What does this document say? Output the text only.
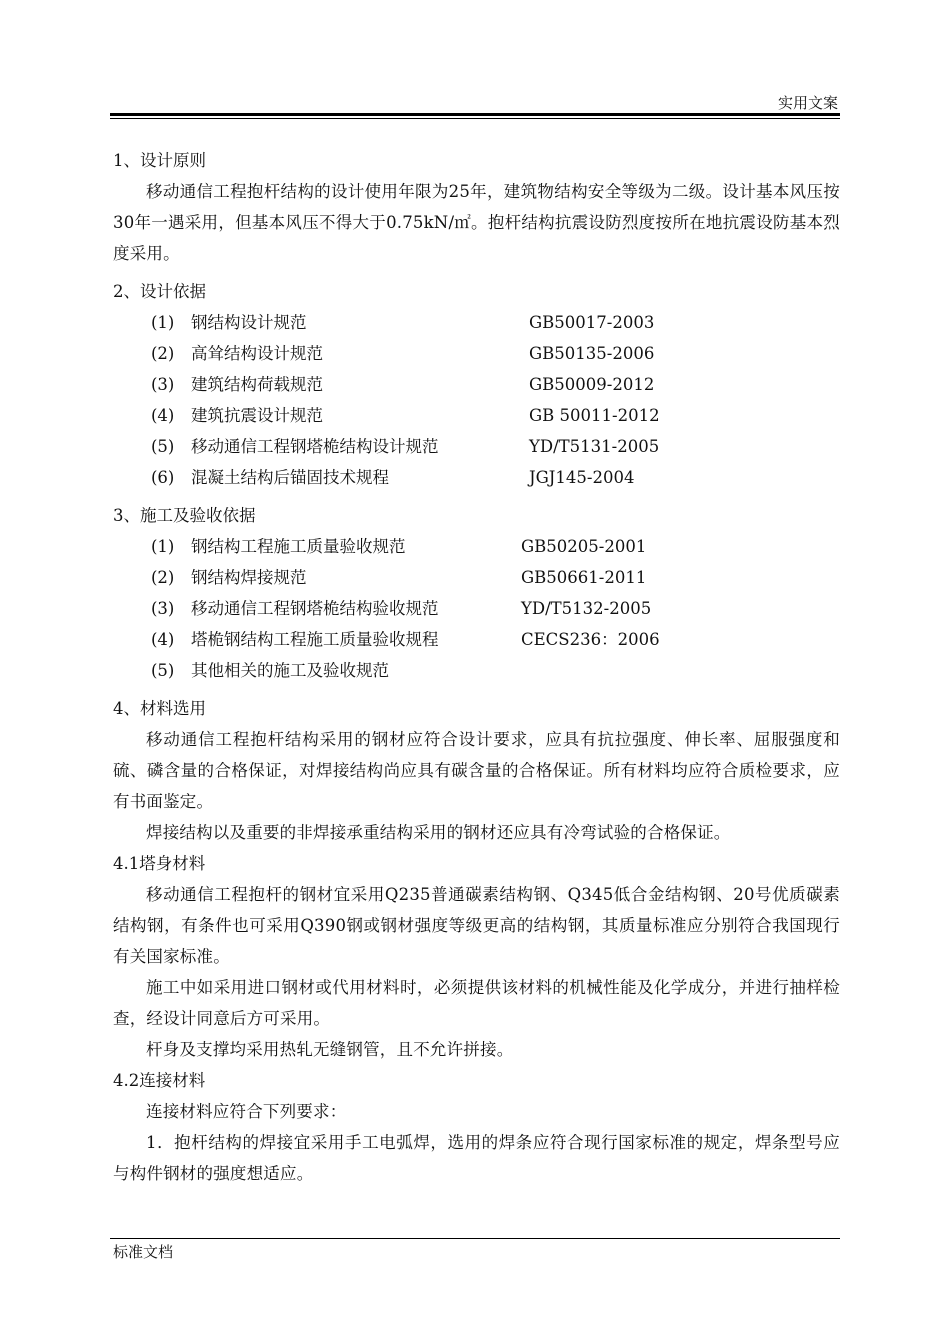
实用文案
1、设计原则
移动通信工程抱杆结构的设计使用年限为25年，建筑物结构安全等级为二级。设计基本风压按30年一遇采用，但基本风压不得大于0.75kN/㎡。抱杆结构抗震设防烈度按所在地抗震设防基本烈度采用。
2、设计依据
(1) 钢结构设计规范	GB50017-2003
(2) 高耸结构设计规范	GB50135-2006
(3) 建筑结构荷载规范	GB50009-2012
(4) 建筑抗震设计规范	GB 50011-2012
(5) 移动通信工程钢塔桅结构设计规范	YD/T5131-2005
(6) 混凝土结构后锚固技术规程	JGJ145-2004
3、施工及验收依据
(1) 钢结构工程施工质量验收规范	GB50205-2001
(2) 钢结构焊接规范	GB50661-2011
(3) 移动通信工程钢塔桅结构验收规范	YD/T5132-2005
(4) 塔桅钢结构工程施工质量验收规程	CECS236：2006
(5) 其他相关的施工及验收规范
4、材料选用
移动通信工程抱杆结构采用的钢材应符合设计要求，应具有抗拉强度、伸长率、屈服强度和硫、磷含量的合格保证，对焊接结构尚应具有碳含量的合格保证。所有材料均应符合质检要求，应有书面鉴定。
焊接结构以及重要的非焊接承重结构采用的钢材还应具有冷弯试验的合格保证。
4.1塔身材料
移动通信工程抱杆的钢材宜采用Q235普通碳素结构钢、Q345低合金结构钢、20号优质碳素结构钢，有条件也可采用Q390钢或钢材强度等级更高的结构钢，其质量标准应分别符合我国现行有关国家标准。
施工中如采用进口钢材或代用材料时，必须提供该材料的机械性能及化学成分，并进行抽样检查，经设计同意后方可采用。
杆身及支撑均采用热轧无缝钢管，且不允许拼接。
4.2连接材料
连接材料应符合下列要求：
1．抱杆结构的焊接宜采用手工电弧焊，选用的焊条应符合现行国家标准的规定，焊条型号应与构件钢材的强度想适应。
标准文档
